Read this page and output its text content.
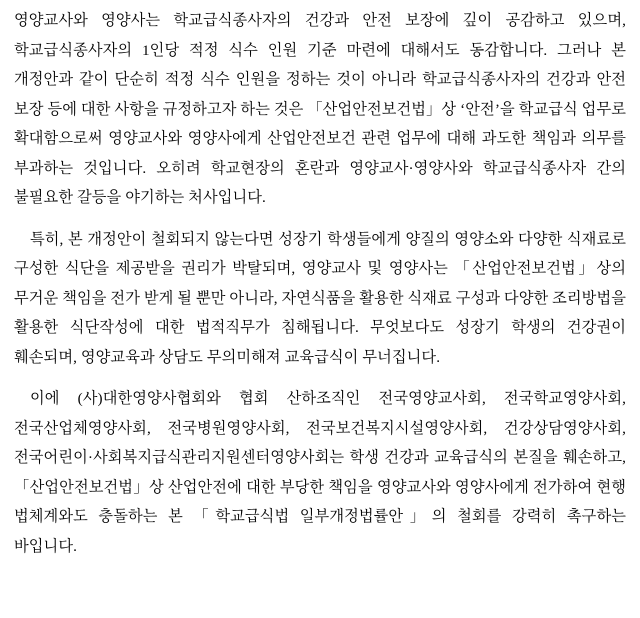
영양교사와 영양사는 학교급식종사자의 건강과 안전 보장에 깊이 공감하고 있으며, 학교급식종사자의 1인당 적정 식수 인원 기준 마련에 대해서도 동감합니다. 그러나 본 개정안과 같이 단순히 적정 식수 인원을 정하는 것이 아니라 학교급식종사자의 건강과 안전 보장 등에 대한 사항을 규정하고자 하는 것은 「산업안전보건법」상 ‘안전’을 학교급식 업무로 확대함으로써 영양교사와 영양사에게 산업안전보건 관련 업무에 대해 과도한 책임과 의무를 부과하는 것입니다. 오히려 학교현장의 혼란과 영양교사·영양사와 학교급식종사자 간의 불필요한 갈등을 야기하는 처사입니다.

특히, 본 개정안이 철회되지 않는다면 성장기 학생들에게 양질의 영양소와 다양한 식재료로 구성한 식단을 제공받을 권리가 박탈되며, 영양교사 및 영양사는 「산업안전보건법」상의 무거운 책임을 전가 받게 될 뿐만 아니라, 자연식품을 활용한 식재료 구성과 다양한 조리방법을 활용한 식단작성에 대한 법적직무가 침해됩니다. 무엇보다도 성장기 학생의 건강권이 훼손되며, 영양교육과 상담도 무의미해져 교육급식이 무너집니다.

이에 (사)대한영양사협회와 협회 산하조직인 전국영양교사회, 전국학교영양사회, 전국산업체영양사회, 전국병원영양사회, 전국보건복지시설영양사회, 건강상담영양사회, 전국어린이·사회복지급식관리지원센터영양사회는 학생 건강과 교육급식의 본질을 훼손하고, 「산업안전보건법」상 산업안전에 대한 부당한 책임을 영양교사와 영양사에게 전가하여 현행 법체계와도 충돌하는 본 「학교급식법 일부개정법률안」의 철회를 강력히 촉구하는 바입니다.
